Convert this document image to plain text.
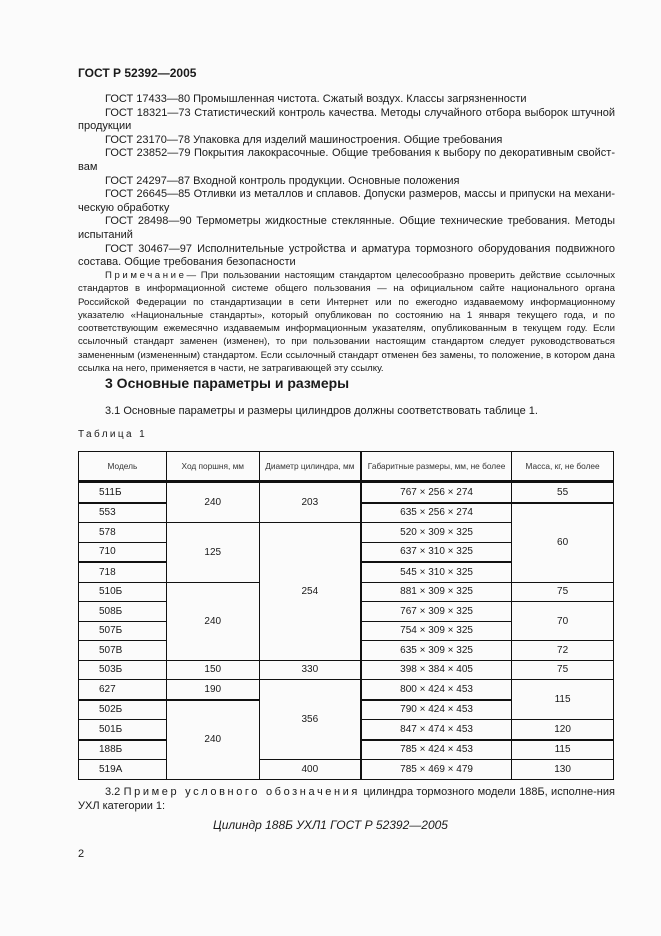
ГОСТ Р 52392—2005
ГОСТ 17433—80 Промышленная чистота. Сжатый воздух. Классы загрязненности
ГОСТ 18321—73 Статистический контроль качества. Методы случайного отбора выборок штучной продукции
ГОСТ 23170—78 Упаковка для изделий машиностроения. Общие требования
ГОСТ 23852—79 Покрытия лакокрасочные. Общие требования к выбору по декоративным свойст-вам
ГОСТ 24297—87 Входной контроль продукции. Основные положения
ГОСТ 26645—85 Отливки из металлов и сплавов. Допуски размеров, массы и припуски на механи-ческую обработку
ГОСТ 28498—90 Термометры жидкостные стеклянные. Общие технические требования. Методы испытаний
ГОСТ 30467—97 Исполнительные устройства и арматура тормозного оборудования подвижного состава. Общие требования безопасности
Примечание— При пользовании настоящим стандартом целесообразно проверить действие ссылочных стандартов в информационной системе общего пользования — на официальном сайте национального органа Российской Федерации по стандартизации в сети Интернет или по ежегодно издаваемому информационному указателю «Национальные стандарты», который опубликован по состоянию на 1 января текущего года, и по соответствующим ежемесячно издаваемым информационным указателям, опубликованным в текущем году. Если ссылочный стандарт заменен (изменен), то при пользовании настоящим стандартом следует руководствоваться замененным (измененным) стандартом. Если ссылочный стандарт отменен без замены, то положение, в котором дана ссылка на него, применяется в части, не затрагивающей эту ссылку.
3 Основные параметры и размеры
3.1 Основные параметры и размеры цилиндров должны соответствовать таблице 1.
Таблица 1
Модель	Ход поршня, мм	Диаметр цилиндра, мм	Габаритные размеры, мм, не более	Масса, кг, не более
511Б	240	203	767 × 256 × 274	55
553			635 × 256 × 274	60
578	125	254	520 × 309 × 325	
710			637 × 310 × 325	
718			545 × 310 × 325	
510Б	240		881 × 309 × 325	75
508Б			767 × 309 × 325	70
507Б			754 × 309 × 325	
507В			635 × 309 × 325	72
503Б	150	330	398 × 384 × 405	75
627	190	356	800 × 424 × 453	115
502Б	240		790 × 424 × 453	
501Б			847 × 474 × 453	120
188Б			785 × 424 × 453	115
519А		400	785 × 469 × 479	130
3.2 Пример условного обозначения цилиндра тормозного модели 188Б, исполне-ния УХЛ категории 1:
Цилиндр 188Б УХЛ1 ГОСТ Р 52392—2005
2
